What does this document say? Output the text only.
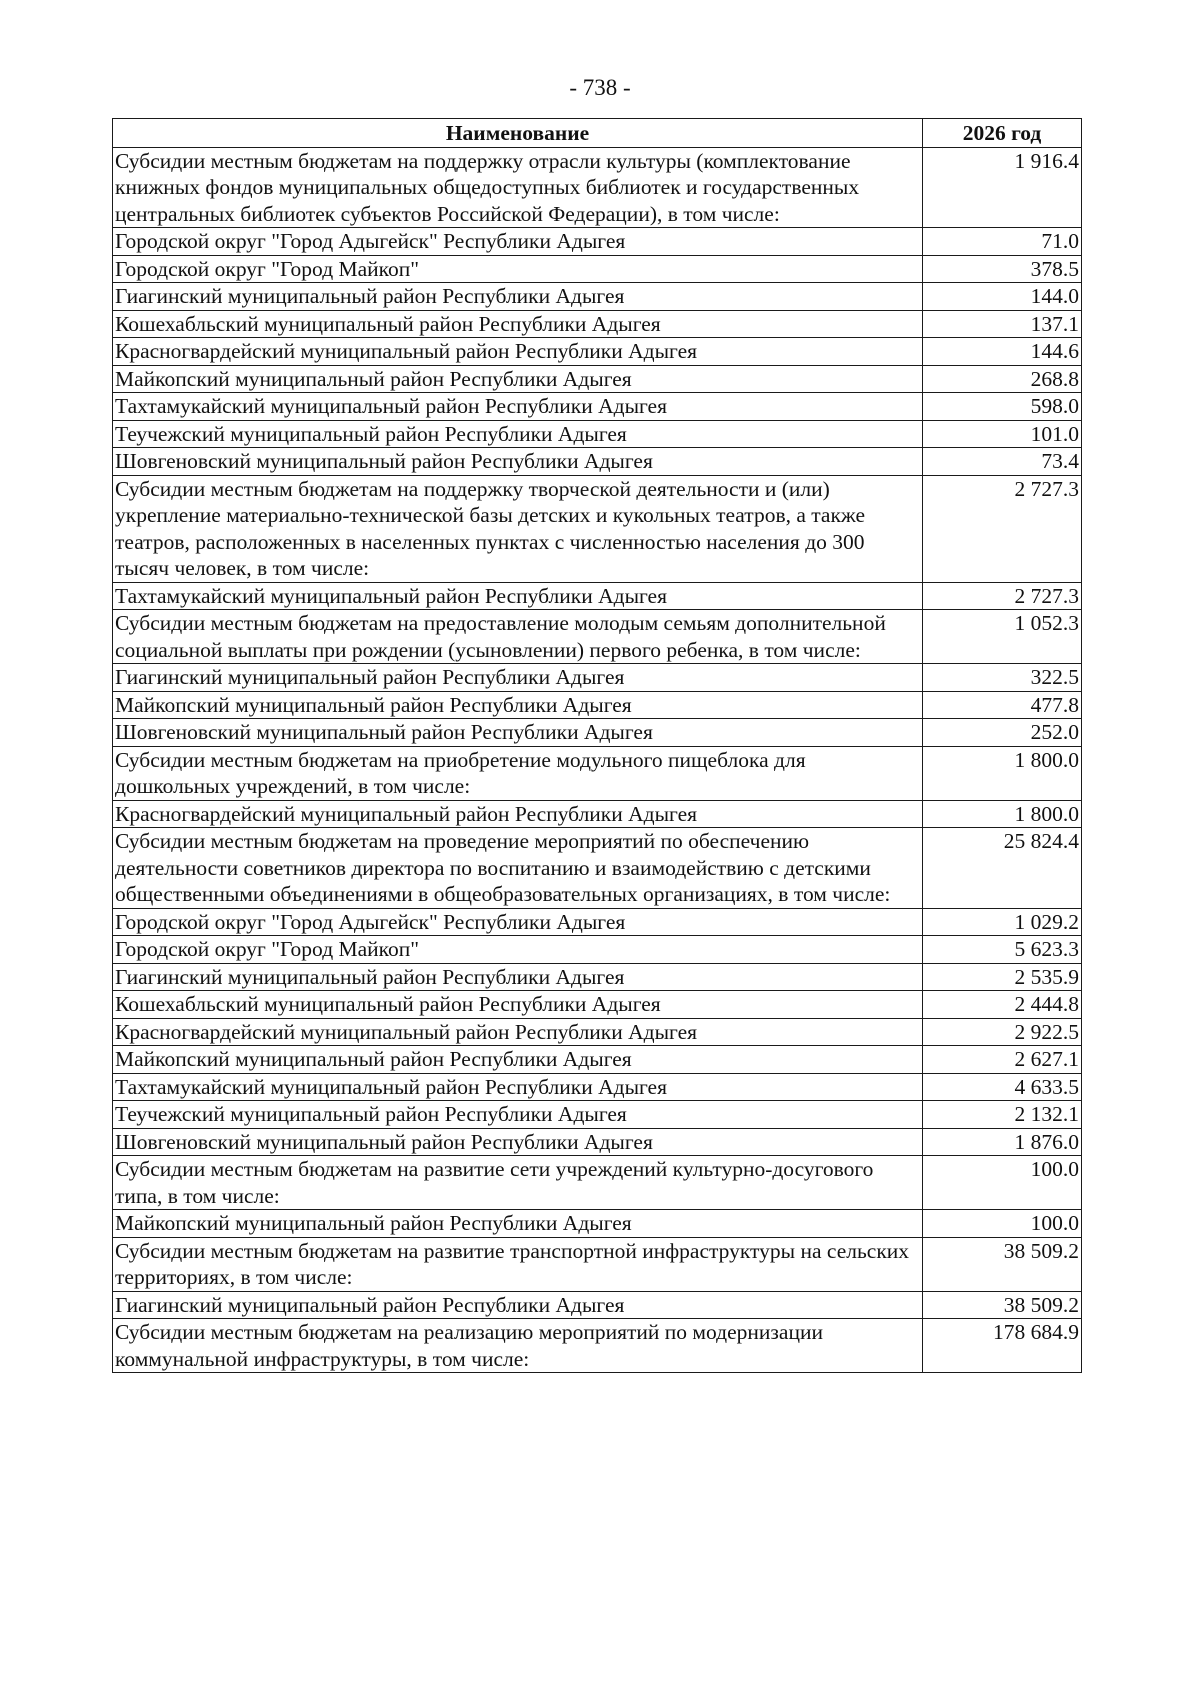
- 738 -
Наименование	2026 год
Субсидии местным бюджетам на поддержку отрасли культуры (комплектование книжных фондов муниципальных общедоступных библиотек и государственных центральных библиотек субъектов Российской Федерации), в том числе:	1 916.4
Городской округ "Город Адыгейск" Республики Адыгея	71.0
Городской округ "Город Майкоп"	378.5
Гиагинский муниципальный район Республики Адыгея	144.0
Кошехабльский муниципальный район Республики Адыгея	137.1
Красногвардейский муниципальный район Республики Адыгея	144.6
Майкопский муниципальный район Республики Адыгея	268.8
Тахтамукайский муниципальный район Республики Адыгея	598.0
Теучежский муниципальный район Республики Адыгея	101.0
Шовгеновский муниципальный район Республики Адыгея	73.4
Субсидии местным бюджетам на поддержку творческой деятельности и (или) укрепление материально-технической базы детских и кукольных театров, а также театров, расположенных в населенных пунктах с численностью населения до 300 тысяч человек, в том числе:	2 727.3
Тахтамукайский муниципальный район Республики Адыгея	2 727.3
Субсидии местным бюджетам на предоставление молодым семьям дополнительной социальной выплаты при рождении (усыновлении) первого ребенка, в том числе:	1 052.3
Гиагинский муниципальный район Республики Адыгея	322.5
Майкопский муниципальный район Республики Адыгея	477.8
Шовгеновский муниципальный район Республики Адыгея	252.0
Субсидии местным бюджетам на приобретение модульного пищеблока для дошкольных учреждений, в том числе:	1 800.0
Красногвардейский муниципальный район Республики Адыгея	1 800.0
Субсидии местным бюджетам на проведение мероприятий по обеспечению деятельности советников директора по воспитанию и взаимодействию с детскими общественными объединениями в общеобразовательных организациях, в том числе:	25 824.4
Городской округ "Город Адыгейск" Республики Адыгея	1 029.2
Городской округ "Город Майкоп"	5 623.3
Гиагинский муниципальный район Республики Адыгея	2 535.9
Кошехабльский муниципальный район Республики Адыгея	2 444.8
Красногвардейский муниципальный район Республики Адыгея	2 922.5
Майкопский муниципальный район Республики Адыгея	2 627.1
Тахтамукайский муниципальный район Республики Адыгея	4 633.5
Теучежский муниципальный район Республики Адыгея	2 132.1
Шовгеновский муниципальный район Республики Адыгея	1 876.0
Субсидии местным бюджетам на развитие сети учреждений культурно-досугового типа, в том числе:	100.0
Майкопский муниципальный район Республики Адыгея	100.0
Субсидии местным бюджетам на развитие транспортной инфраструктуры на сельских территориях, в том числе:	38 509.2
Гиагинский муниципальный район Республики Адыгея	38 509.2
Субсидии местным бюджетам на реализацию мероприятий по модернизации коммунальной инфраструктуры, в том числе:	178 684.9
